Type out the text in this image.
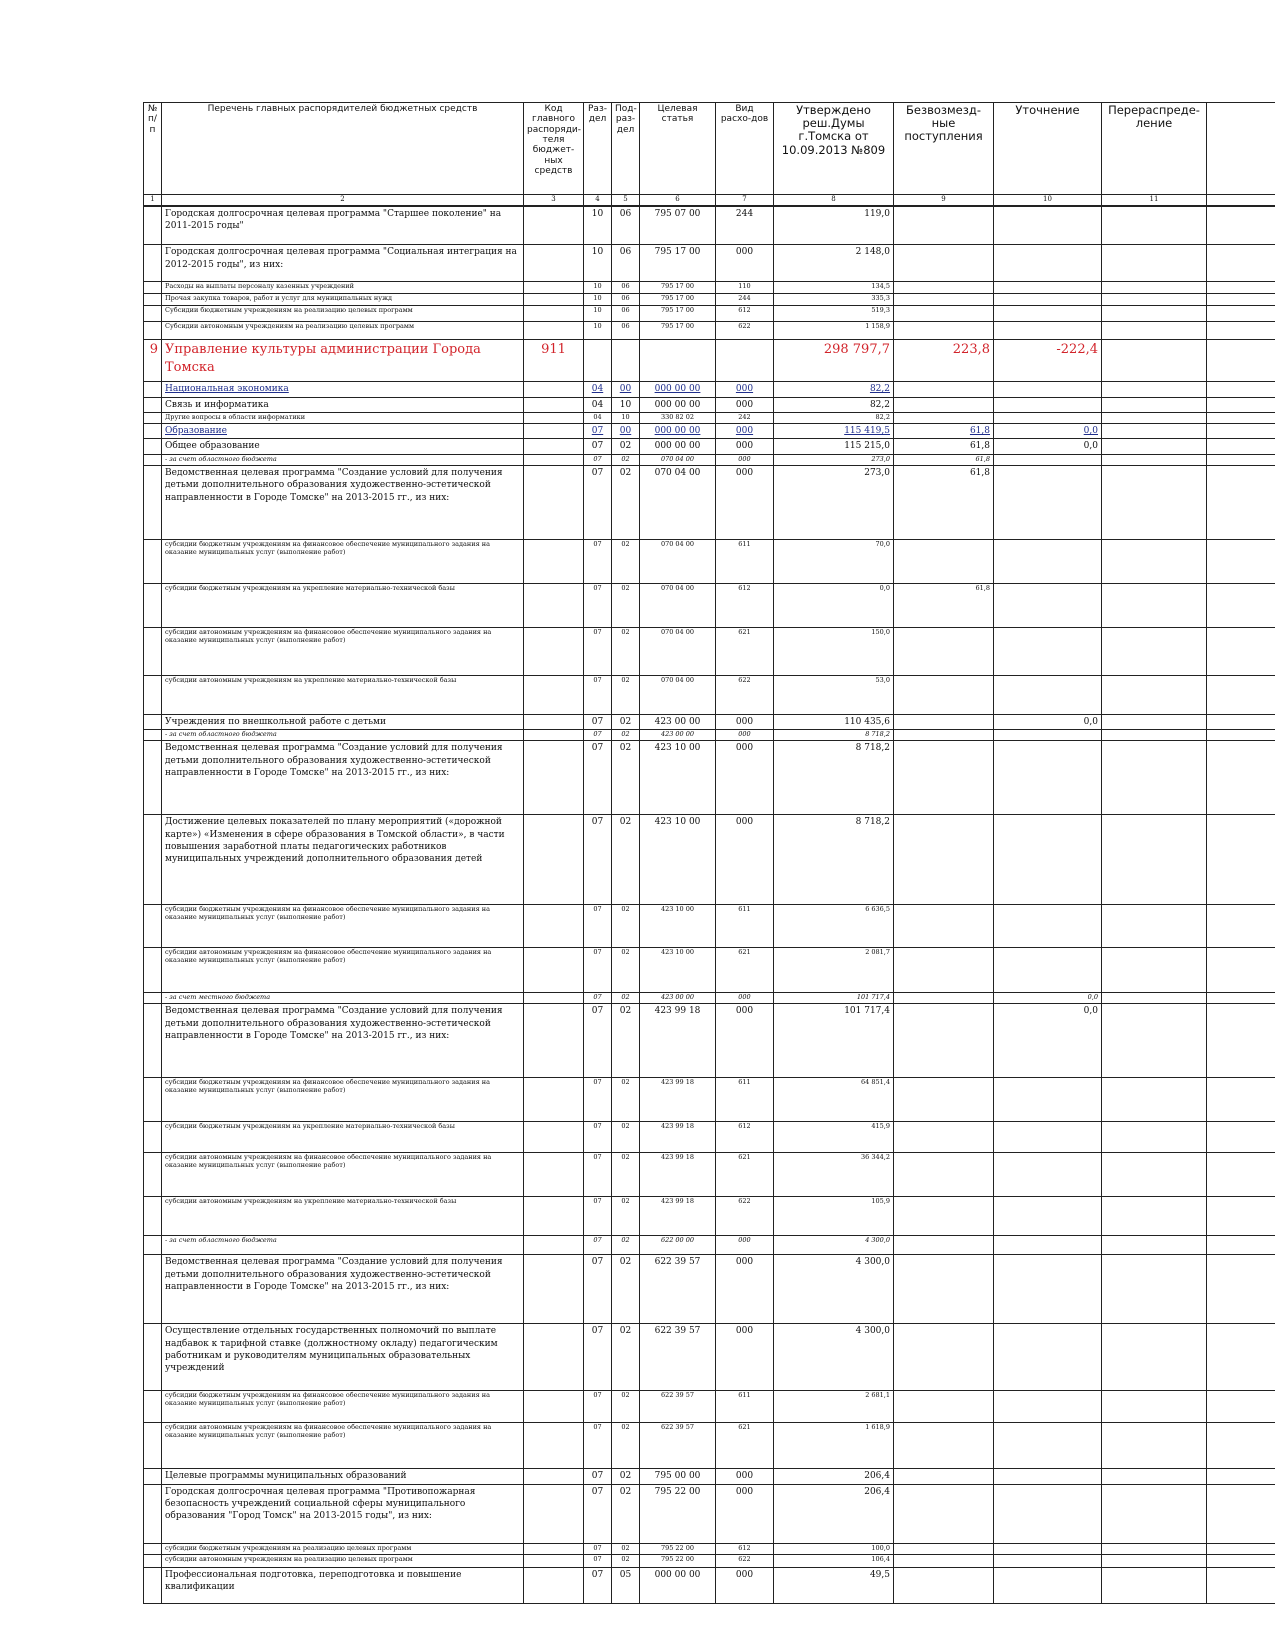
№ п/п	Перечень главных распорядителей бюджетных средств	Код главного распоряди-теля бюджет-ных средств	Раз-дел	Под-раз-дел	Целевая статья	Вид расхо-дов	Утверждено реш.Думы г.Томска от 10.09.2013 №809	Безвозмезд-ные поступления	Уточнение	Перераспреде-ление	
1	2	3	4	5	6	7	8	9	10	11	
	Городская долгосрочная целевая программа "Старшее поколение" на 2011-2015 годы"		10	06	795 07 00	244	119,0				
	Городская долгосрочная целевая программа "Социальная интеграция на 2012-2015 годы", из них:		10	06	795 17 00	000	2 148,0				
	Расходы на выплаты персоналу казенных учреждений		10	06	795 17 00	110	134,5				
	Прочая закупка товаров, работ и услуг для муниципальных нужд		10	06	795 17 00	244	335,3				
	Субсидии бюджетным учреждениям на реализацию целевых программ		10	06	795 17 00	612	519,3				
	Субсидии автономным учреждениям на реализацию целевых программ		10	06	795 17 00	622	1 158,9				
9	Управление культуры администрации Города Томска	911					298 797,7	223,8	-222,4		
	Национальная экономика		04	00	000 00 00	000	82,2				
	Связь и информатика		04	10	000 00 00	000	82,2				
	Другие вопросы в области информатики		04	10	330 82 02	242	82,2				
	Образование		07	00	000 00 00	000	115 419,5	61,8	0,0		
	Общее образование		07	02	000 00 00	000	115 215,0	61,8	0,0		
	- за счет областного бюджета		07	02	070 04 00	000	273,0	61,8			
	Ведомственная целевая программа "Создание условий для получения детьми дополнительного образования художественно-эстетической направленности в Городе Томске" на 2013-2015 гг., из них:		07	02	070 04 00	000	273,0	61,8			
	субсидии бюджетным учреждениям на финансовое обеспечение муниципального задания на оказание муниципальных услуг (выполнение работ)		07	02	070 04 00	611	70,0				
	субсидии бюджетным учреждениям на укрепление материально-технической базы		07	02	070 04 00	612	0,0	61,8			
	субсидии автономным учреждениям на финансовое обеспечение муниципального задания на оказание муниципальных услуг (выполнение работ)		07	02	070 04 00	621	150,0				
	субсидии автономным учреждениям на укрепление материально-технической базы		07	02	070 04 00	622	53,0				
	Учреждения по внешкольной работе с детьми		07	02	423 00 00	000	110 435,6		0,0		
	- за счет областного бюджета		07	02	423 00 00	000	8 718,2				
	Ведомственная целевая программа "Создание условий для получения детьми дополнительного образования художественно-эстетической направленности в Городе Томске" на 2013-2015 гг., из них:		07	02	423 10 00	000	8 718,2				
	Достижение целевых показателей по плану мероприятий («дорожной карте») «Изменения в сфере образования в Томской области», в части повышения заработной платы педагогических работников муниципальных учреждений дополнительного образования детей		07	02	423 10 00	000	8 718,2				
	субсидии бюджетным учреждениям на финансовое обеспечение муниципального задания на оказание муниципальных услуг (выполнение работ)		07	02	423 10 00	611	6 636,5				
	субсидии автономным учреждениям на финансовое обеспечение муниципального задания на оказание муниципальных услуг (выполнение работ)		07	02	423 10 00	621	2 081,7				
	- за счет местного бюджета		07	02	423 00 00	000	101 717,4		0,0		
	Ведомственная целевая программа "Создание условий для получения детьми дополнительного образования художественно-эстетической направленности в Городе Томске" на 2013-2015 гг., из них:		07	02	423 99 18	000	101 717,4		0,0		
	субсидии бюджетным учреждениям на финансовое обеспечение муниципального задания на оказание муниципальных услуг (выполнение работ)		07	02	423 99 18	611	64 851,4				
	субсидии бюджетным учреждениям на укрепление материально-технической базы		07	02	423 99 18	612	415,9				
	субсидии автономным учреждениям на финансовое обеспечение муниципального задания на оказание муниципальных услуг (выполнение работ)		07	02	423 99 18	621	36 344,2				
	субсидии автономным учреждениям на укрепление материально-технической базы		07	02	423 99 18	622	105,9				
	- за счет областного бюджета		07	02	622 00 00	000	4 300,0				
	Ведомственная целевая программа "Создание условий для получения детьми дополнительного образования художественно-эстетической направленности в Городе Томске" на 2013-2015 гг., из них:		07	02	622 39 57	000	4 300,0				
	Осуществление отдельных государственных полномочий по выплате надбавок к тарифной ставке (должностному окладу) педагогическим работникам и руководителям муниципальных образовательных учреждений		07	02	622 39 57	000	4 300,0				
	субсидии бюджетным учреждениям на финансовое обеспечение муниципального задания на оказание муниципальных услуг (выполнение работ)		07	02	622 39 57	611	2 681,1				
	субсидии автономным учреждениям на финансовое обеспечение муниципального задания на оказание муниципальных услуг (выполнение работ)		07	02	622 39 57	621	1 618,9				
	Целевые программы муниципальных образований		07	02	795 00 00	000	206,4				
	Городская долгосрочная целевая программа "Противопожарная безопасность учреждений социальной сферы муниципального образования "Город Томск" на 2013-2015 годы", из них:		07	02	795 22 00	000	206,4				
	субсидии бюджетным учреждениям на реализацию целевых программ		07	02	795 22 00	612	100,0				
	субсидии автономным учреждениям на реализацию целевых программ		07	02	795 22 00	622	106,4				
	Профессиональная подготовка, переподготовка и повышение квалификации		07	05	000 00 00	000	49,5				
